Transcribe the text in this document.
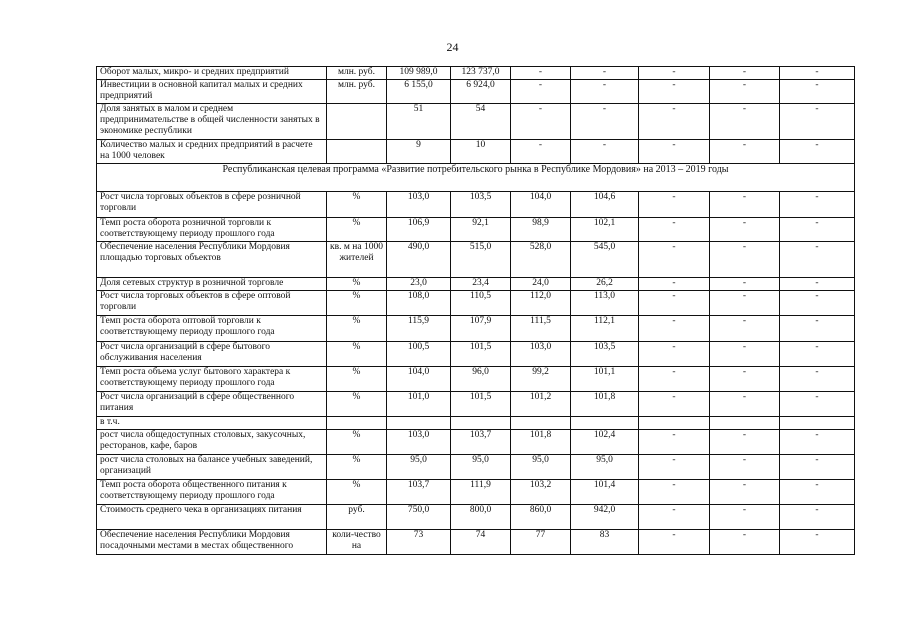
24
Оборот малых, микро- и средних предприятий	млн. руб.	109 989,0	123 737,0	-	-	-	-	-
Инвестиции в основной капитал малых и средних предприятий	млн. руб.	6 155,0	6 924,0	-	-	-	-	-
Доля занятых в малом и среднем предпринимательстве в общей численности занятых в экономике республики		51	54	-	-	-	-	-
Количество малых и средних предприятий в расчете на 1000 человек		9	10	-	-	-	-	-
Республиканская целевая программа «Развитие потребительского рынка в Республике Мордовия» на 2013 – 2019 годы								
Рост числа торговых объектов в сфере розничной торговли	%	103,0	103,5	104,0	104,6	-	-	-
Темп роста оборота розничной торговли к соответствующему периоду прошлого года	%	106,9	92,1	98,9	102,1	-	-	-
Обеспечение населения Республики Мордовия площадью торговых объектов	кв. м на 1000 жителей	490,0	515,0	528,0	545,0	-	-	-
Доля сетевых структур в розничной торговле	%	23,0	23,4	24,0	26,2	-	-	-
Рост числа торговых объектов в сфере оптовой торговли	%	108,0	110,5	112,0	113,0	-	-	-
Темп роста оборота оптовой торговли к соответствующему периоду прошлого года	%	115,9	107,9	111,5	112,1	-	-	-
Рост числа организаций в сфере бытового обслуживания населения	%	100,5	101,5	103,0	103,5	-	-	-
Темп роста объема услуг бытового характера к соответствующему периоду прошлого года	%	104,0	96,0	99,2	101,1	-	-	-
Рост числа организаций в сфере общественного питания	%	101,0	101,5	101,2	101,8	-	-	-
в т.ч.								
рост числа общедоступных столовых, закусочных, ресторанов, кафе, баров	%	103,0	103,7	101,8	102,4	-	-	-
рост числа столовых на балансе учебных заведений, организаций	%	95,0	95,0	95,0	95,0	-	-	-
Темп роста оборота общественного питания к соответствующему периоду прошлого года	%	103,7	111,9	103,2	101,4	-	-	-
Стоимость среднего чека в организациях питания	руб.	750,0	800,0	860,0	942,0	-	-	-
Обеспечение населения Республики Мордовия посадочными местами в местах общественного	коли-чество на	73	74	77	83	-	-	-
